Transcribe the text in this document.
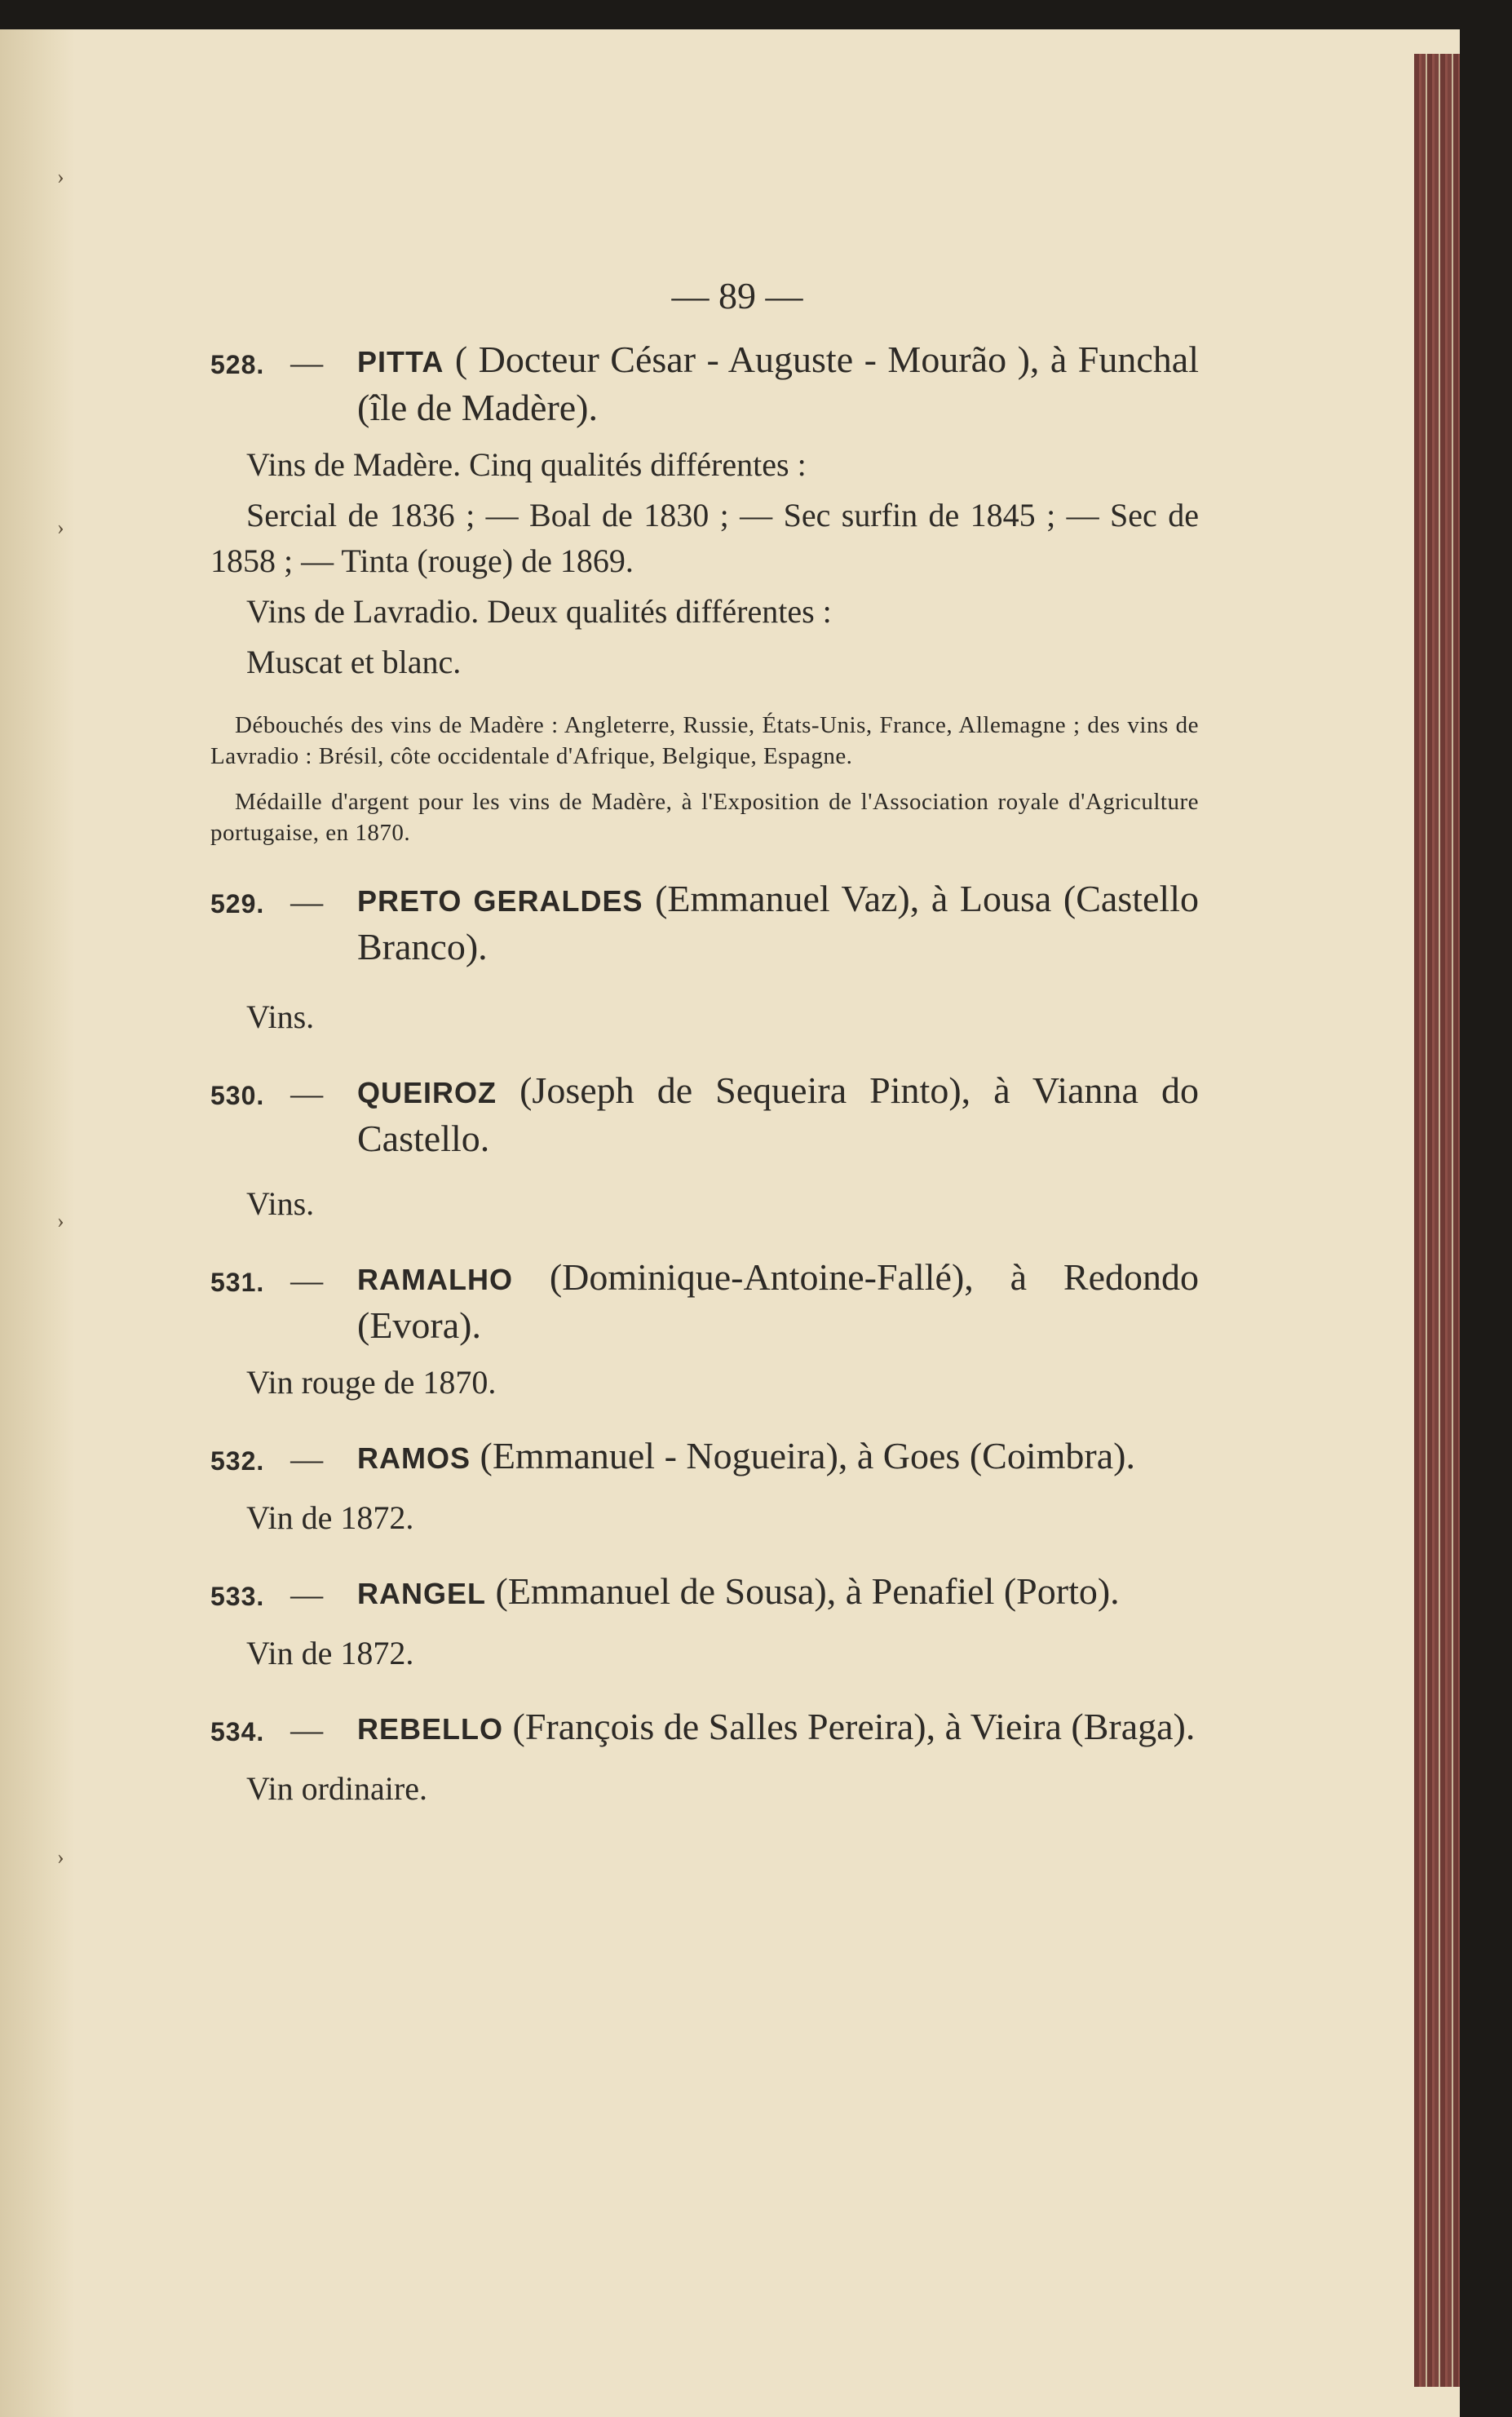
›
›
›
›
— 89 —
528. —	PITTA ( Docteur César - Auguste - Mourão ), à Funchal (île de Madère).
Vins de Madère. Cinq qualités différentes :
Sercial de 1836 ; — Boal de 1830 ; — Sec surfin de 1845 ; — Sec de 1858 ; — Tinta (rouge) de 1869.
Vins de Lavradio. Deux qualités différentes :
Muscat et blanc.
Débouchés des vins de Madère : Angleterre, Russie, États-Unis, France, Allemagne ; des vins de Lavradio : Brésil, côte occidentale d'Afrique, Belgique, Espagne.
Médaille d'argent pour les vins de Madère, à l'Exposition de l'Association royale d'Agriculture portugaise, en 1870.
529. —	PRETO GERALDES (Emmanuel Vaz), à Lousa (Castello Branco).
Vins.
530. —	QUEIROZ (Joseph de Sequeira Pinto), à Vianna do Castello.
Vins.
531. —	RAMALHO (Dominique-Antoine-Fallé), à Redondo (Evora).
Vin rouge de 1870.
532. —	RAMOS (Emmanuel - Nogueira), à Goes (Coimbra).
Vin de 1872.
533. —	RANGEL (Emmanuel de Sousa), à Penafiel (Porto).
Vin de 1872.
534. —	REBELLO (François de Salles Pereira), à Vieira (Braga).
Vin ordinaire.
